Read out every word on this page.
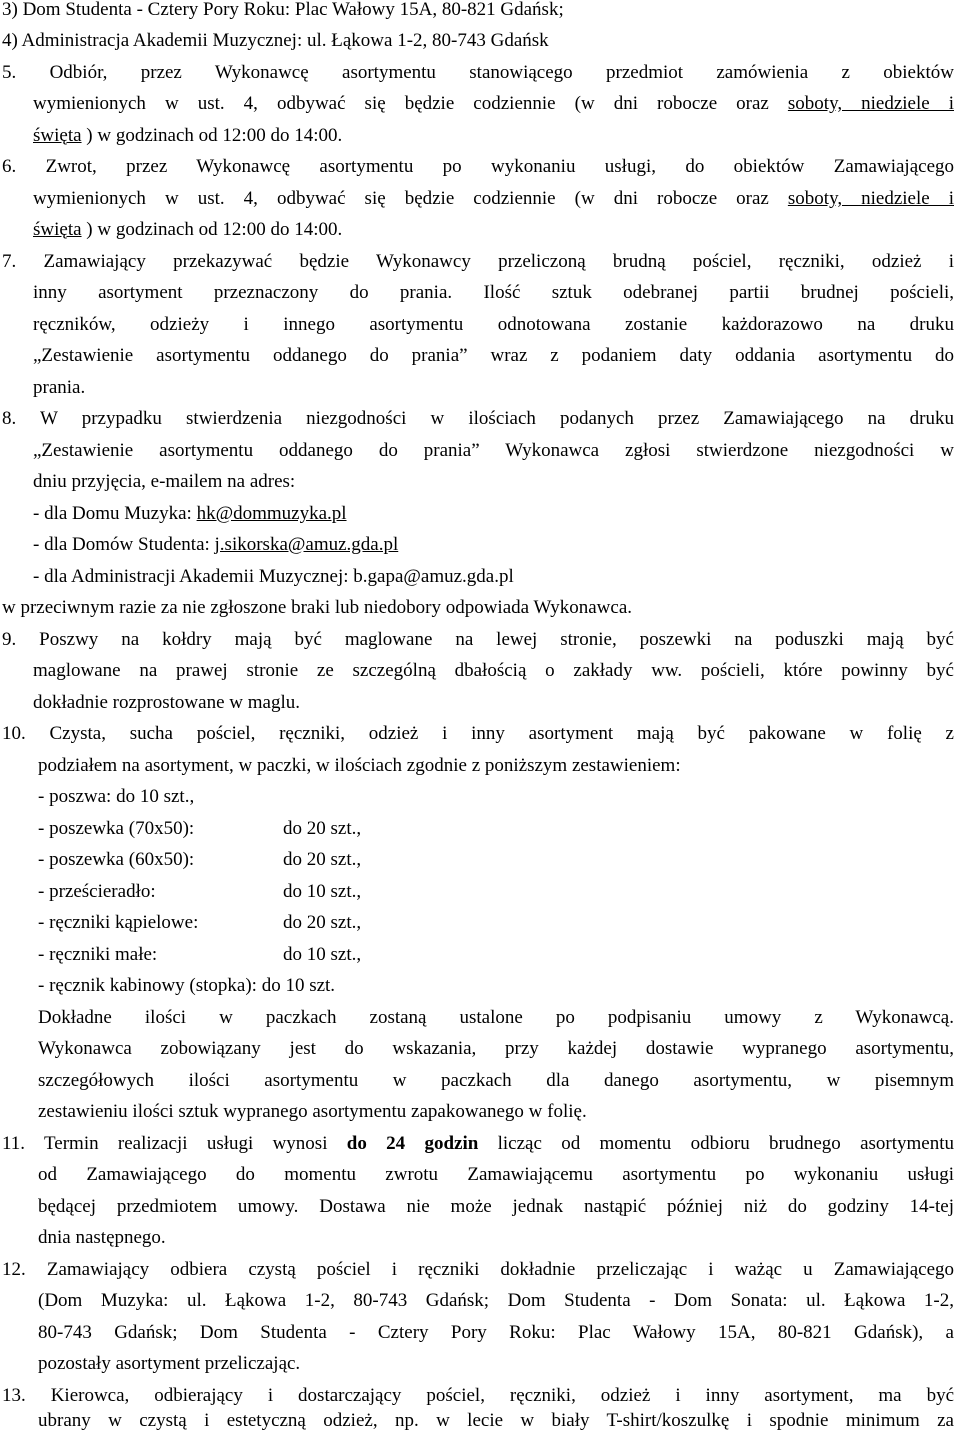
3) Dom Studenta - Cztery Pory Roku: Plac Wałowy 15A, 80-821 Gdańsk;
4) Administracja Akademii Muzycznej: ul. Łąkowa 1-2, 80-743 Gdańsk
5. Odbiór, przez Wykonawcę asortymentu stanowiącego przedmiot zamówienia z obiektów
wymienionych w ust. 4, odbywać się będzie codziennie (w dni robocze oraz soboty, niedziele i
święta ) w godzinach od 12:00 do 14:00.
6. Zwrot, przez Wykonawcę asortymentu po wykonaniu usługi, do obiektów Zamawiającego
wymienionych w ust. 4, odbywać się będzie codziennie (w dni robocze oraz soboty, niedziele i
święta ) w godzinach od 12:00 do 14:00.
7. Zamawiający przekazywać będzie Wykonawcy przeliczoną brudną pościel, ręczniki, odzież i
inny asortyment przeznaczony do prania. Ilość sztuk odebranej partii brudnej pościeli,
ręczników, odzieży i innego asortymentu odnotowana zostanie każdorazowo na druku
„Zestawienie asortymentu oddanego do prania” wraz z podaniem daty oddania asortymentu do
prania.
8. W przypadku stwierdzenia niezgodności w ilościach podanych przez Zamawiającego na druku
„Zestawienie asortymentu oddanego do prania” Wykonawca zgłosi stwierdzone niezgodności w
dniu przyjęcia, e-mailem na adres:
- dla Domu Muzyka: hk@dommuzyka.pl
- dla Domów Studenta: j.sikorska@amuz.gda.pl
- dla Administracji Akademii Muzycznej: b.gapa@amuz.gda.pl
w przeciwnym razie za nie zgłoszone braki lub niedobory odpowiada Wykonawca.
9. Poszwy na kołdry mają być maglowane na lewej stronie, poszewki na poduszki mają być
maglowane na prawej stronie ze szczególną dbałością o zakłady ww. pościeli, które powinny być
dokładnie rozprostowane w maglu.
10. Czysta, sucha pościel, ręczniki, odzież i inny asortyment mają być pakowane w folię z
podziałem na asortyment, w paczki, w ilościach zgodnie z poniższym zestawieniem:
- poszwa: do 10 szt.,
- poszewka (70x50):	do 20 szt.,
- poszewka (60x50):	do 20 szt.,
- prześcieradło:	do 10 szt.,
- ręczniki kąpielowe:	do 20 szt.,
- ręczniki małe:	do 10 szt.,
- ręcznik kabinowy (stopka): do 10 szt.
Dokładne ilości w paczkach zostaną ustalone po podpisaniu umowy z Wykonawcą.
Wykonawca zobowiązany jest do wskazania, przy każdej dostawie wypranego asortymentu,
szczegółowych ilości asortymentu w paczkach dla danego asortymentu, w pisemnym
zestawieniu ilości sztuk wypranego asortymentu zapakowanego w folię.
11. Termin realizacji usługi wynosi do 24 godzin licząc od momentu odbioru brudnego asortymentu
od Zamawiającego do momentu zwrotu Zamawiającemu asortymentu po wykonaniu usługi
będącej przedmiotem umowy. Dostawa nie może jednak nastąpić później niż do godziny 14-tej
dnia następnego.
12. Zamawiający odbiera czystą pościel i ręczniki dokładnie przeliczając i ważąc u Zamawiającego
(Dom Muzyka: ul. Łąkowa 1-2, 80-743 Gdańsk; Dom Studenta - Dom Sonata: ul. Łąkowa 1-2,
80-743 Gdańsk; Dom Studenta - Cztery Pory Roku: Plac Wałowy 15A, 80-821 Gdańsk), a
pozostały asortyment przeliczając.
13. Kierowca, odbierający i dostarczający pościel, ręczniki, odzież i inny asortyment, ma być
ubrany w czystą i estetyczną odzież, np. w lecie w biały T-shirt/koszulkę i spodnie minimum za
